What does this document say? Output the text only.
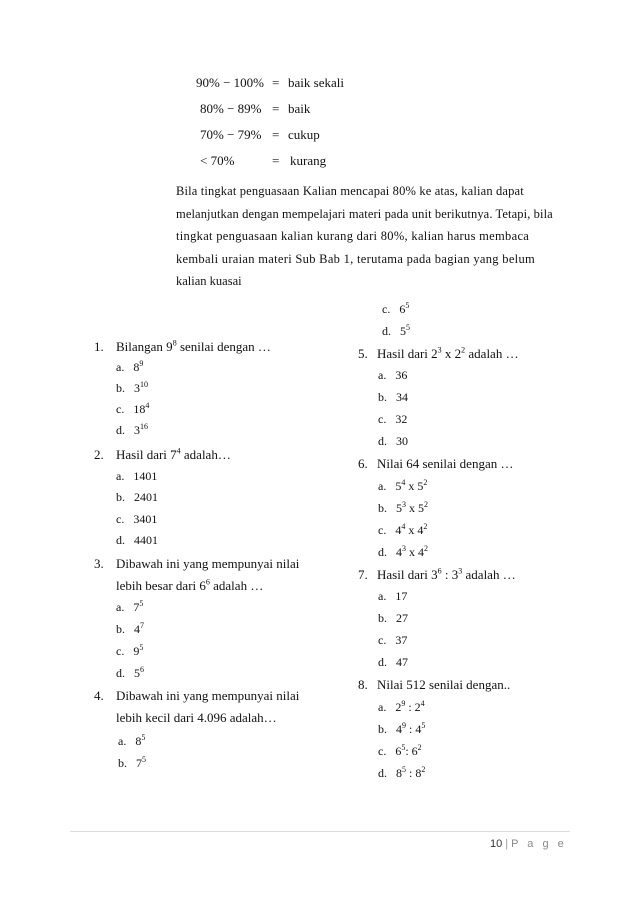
90% − 100% = baik sekali
80% − 89% = baik
70% − 79% = cukup
< 70%	= kurang
Bila tingkat penguasaan Kalian mencapai 80% ke atas, kalian dapat
melanjutkan dengan mempelajari materi pada unit berikutnya. Tetapi, bila
tingkat penguasaan kalian kurang dari 80%, kalian harus membaca
kembali uraian materi Sub Bab 1, terutama pada bagian yang belum
kalian kuasai
1. Bilangan $9^8$ senilai dengan …
a. $8^9$
b. $3^{10}$
c. $18^4$
d. $3^{16}$
2. Hasil dari $7^4$ adalah…
a. 1401
b. 2401
c. 3401
d. 4401
3. Dibawah ini yang mempunyai nilai
lebih besar dari $6^6$ adalah …
a. $7^5$
b. $4^7$
c. $9^5$
d. $5^6$
4. Dibawah ini yang mempunyai nilai
lebih kecil dari 4.096 adalah…
a. $8^5$
b. $7^5$
c. $6^5$
d. $5^5$
5. Hasil dari $2^3$ x $2^2$ adalah …
a. 36
b. 34
c. 32
d. 30
6. Nilai 64 senilai dengan …
a. $5^4$ x $5^2$
b. $5^3$ x $5^2$
c. $4^4$ x $4^2$
d. $4^3$ x $4^2$
7. Hasil dari $3^6$ : $3^3$ adalah …
a. 17
b. 27
c. 37
d. 47
8. Nilai 512 senilai dengan..
a. $2^9$ : $2^4$
b. $4^9$ : $4^5$
c. $6^5$: $6^2$
d. $8^5$ : $8^2$
10 | P a g e
